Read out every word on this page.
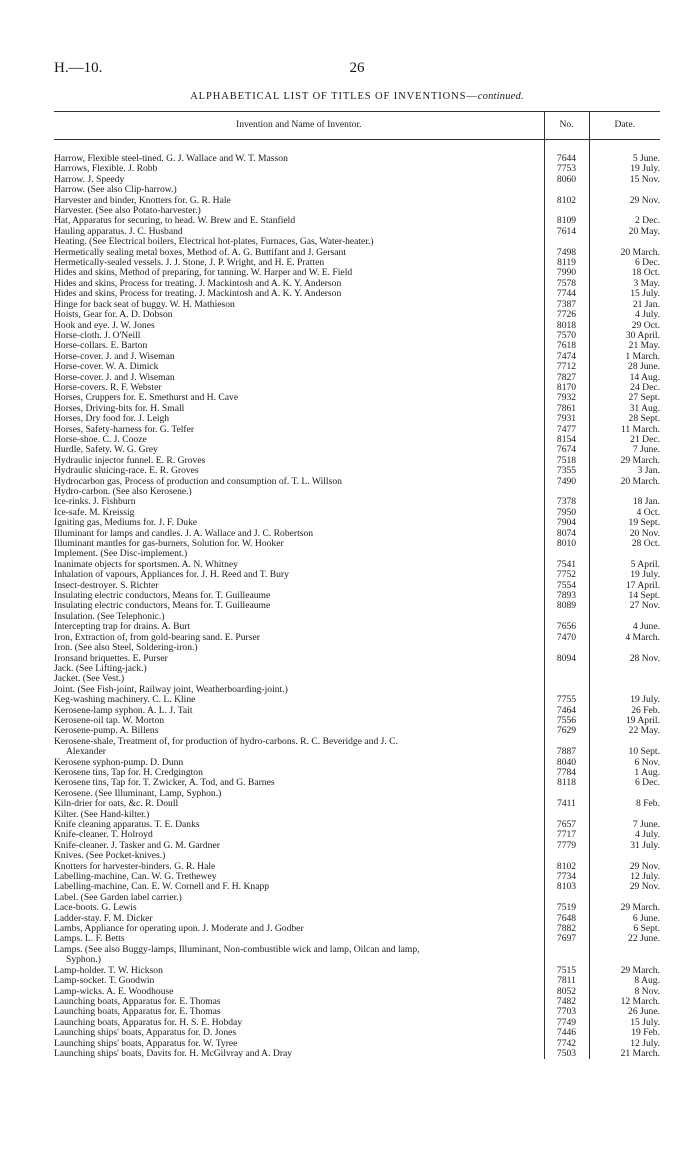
H.—10.	26
ALPHABETICAL LIST OF TITLES OF INVENTIONS—continued.
Invention and Name of Inventor.	No.	Date.

Harrow, Flexible steel-tined. G. J. Wallace and W. T. Masson	7644	5 June.

Harrows, Flexible. J. Robb	7753	19 July.

Harrow. J. Speedy	8060	15 Nov.

Harrow. (See also Clip-harrow.)		

Harvester and binder, Knotters for. G. R. Hale	8102	29 Nov.

Harvester. (See also Potato-harvester.)		

Hat, Apparatus for securing, to head. W. Brew and E. Stanfield	8109	2 Dec.

Hauling apparatus. J. C. Husband	7614	20 May.

Heating. (See Electrical boilers, Electrical hot-plates, Furnaces, Gas, Water-heater.)		

Hermetically sealing metal boxes, Method of. A. G. Buttifant and J. Gersant	7498	20 March.

Hermetically-sealed vessels. J. J. Stone, J. P. Wright, and H. E. Pratten	8119	6 Dec.

Hides and skins, Method of preparing, for tanning. W. Harper and W. E. Field	7990	18 Oct.

Hides and skins, Process for treating. J. Mackintosh and A. K. Y. Anderson	7578	3 May.

Hides and skins, Process for treating. J. Mackintosh and A. K. Y. Anderson	7744	15 July.

Hinge for back seat of buggy. W. H. Mathieson	7387	21 Jan.

Hoists, Gear for. A. D. Dobson	7726	4 July.

Hook and eye. J. W. Jones	8018	29 Oct.

Horse-cloth. J. O'Neill	7570	30 April.

Horse-collars. E. Barton	7618	21 May.

Horse-cover. J. and J. Wiseman	7474	1 March.

Horse-cover. W. A. Dimick	7712	28 June.

Horse-cover. J. and J. Wiseman	7827	14 Aug.

Horse-covers. R. F. Webster	8170	24 Dec.

Horses, Cruppers for. E. Smethurst and H. Cave	7932	27 Sept.

Horses, Driving-bits for. H. Small	7861	31 Aug.

Horses, Dry food for. J. Leigh	7931	28 Sept.

Horses, Safety-harness for. G. Telfer	7477	11 March.

Horse-shoe. C. J. Cooze	8154	21 Dec.

Hurdle, Safety. W. G. Grey	7674	7 June.

Hydraulic injector funnel. E. R. Groves	7518	29 March.

Hydraulic sluicing-race. E. R. Groves	7355	3 Jan.

Hydrocarbon gas, Process of production and consumption of. T. L. Willson	7490	20 March.

Hydro-carbon. (See also Kerosene.)		

Ice-rinks. J. Fishburn	7378	18 Jan.

Ice-safe. M. Kreissig	7950	4 Oct.

Igniting gas, Mediums for. J. F. Duke	7904	19 Sept.

Illuminant for lamps and candles. J. A. Wallace and J. C. Robertson	8074	20 Nov.

Illuminant mantles for gas-burners, Solution for. W. Hooker	8010	28 Oct.

Implement. (See Disc-implement.)		

Inanimate objects for sportsmen. A. N. Whitney	7541	5 April.

Inhalation of vapours, Appliances for. J. H. Reed and T. Bury	7752	19 July.

Insect-destroyer. S. Richter	7554	17 April.

Insulating electric conductors, Means for. T. Guilleaume	7893	14 Sept.

Insulating electric conductors, Means for. T. Guilleaume	8089	27 Nov.

Insulation. (See Telephonic.)		

Intercepting trap for drains. A. Burt	7656	4 June.

Iron, Extraction of, from gold-bearing sand. E. Purser	7470	4 March.

Iron. (See also Steel, Soldering-iron.)		

Ironsand briquettes. E. Purser	8094	28 Nov.

Jack. (See Lifting-jack.)		

Jacket. (See Vest.)		

Joint. (See Fish-joint, Railway joint, Weatherboarding-joint.)		

Keg-washing machinery. C. L. Kline	7755	19 July.

Kerosene-lamp syphon. A. L. J. Tait	7464	26 Feb.

Kerosene-oil tap. W. Morton	7556	19 April.

Kerosene-pump. A. Billens	7629	22 May.

Kerosene-shale, Treatment of, for production of hydro-carbons. R. C. Beveridge and J. C.
Alexander	7887	10 Sept.

Kerosene syphon-pump. D. Dunn	8040	6 Nov.

Kerosene tins, Tap for. H. Credgington	7784	1 Aug.

Kerosene tins, Tap for. T. Zwicker, A. Tod, and G. Barnes	8118	6 Dec.

Kerosene. (See Illuminant, Lamp, Syphon.)		

Kiln-drier for oats, &c. R. Doull	7411	8 Feb.

Kilter. (See Hand-kilter.)		

Knife cleaning apparatus. T. E. Danks	7657	7 June.

Knife-cleaner. T. Holroyd	7717	4 July.

Knife-cleaner. J. Tasker and G. M. Gardner	7779	31 July.

Knives. (See Pocket-knives.)		

Knotters for harvester-binders. G. R. Hale	8102	29 Nov.

Labelling-machine, Can. W. G. Trethewey	7734	12 July.

Labelling-machine, Can. E. W. Cornell and F. H. Knapp	8103	29 Nov.

Label. (See Garden label carrier.)		

Lace-boots. G. Lewis	7519	29 March.

Ladder-stay. F. M. Dicker	7648	6 June.

Lambs, Appliance for operating upon. J. Moderate and J. Godber	7882	6 Sept.

Lamps. L. F. Betts	7697	22 June.

Lamps. (See also Buggy-lamps, Illuminant, Non-combustible wick and lamp, Oilcan and lamp,
Syphon.)		

Lamp-holder. T. W. Hickson	7515	29 March.

Lamp-socket. T. Goodwin	7811	8 Aug.

Lamp-wicks. A. E. Woodhouse	8052	8 Nov.

Launching boats, Apparatus for. E. Thomas	7482	12 March.

Launching boats, Apparatus for. E. Thomas	7703	26 June.

Launching boats, Apparatus for. H. S. E. Hobday	7749	15 July.

Launching ships' boats, Apparatus for. D. Jones	7446	19 Feb.

Launching ships' boats, Apparatus for. W. Tyree	7742	12 July.

Launching ships' boats, Davits for. H. McGilvray and A. Dray	7503	21 March.
